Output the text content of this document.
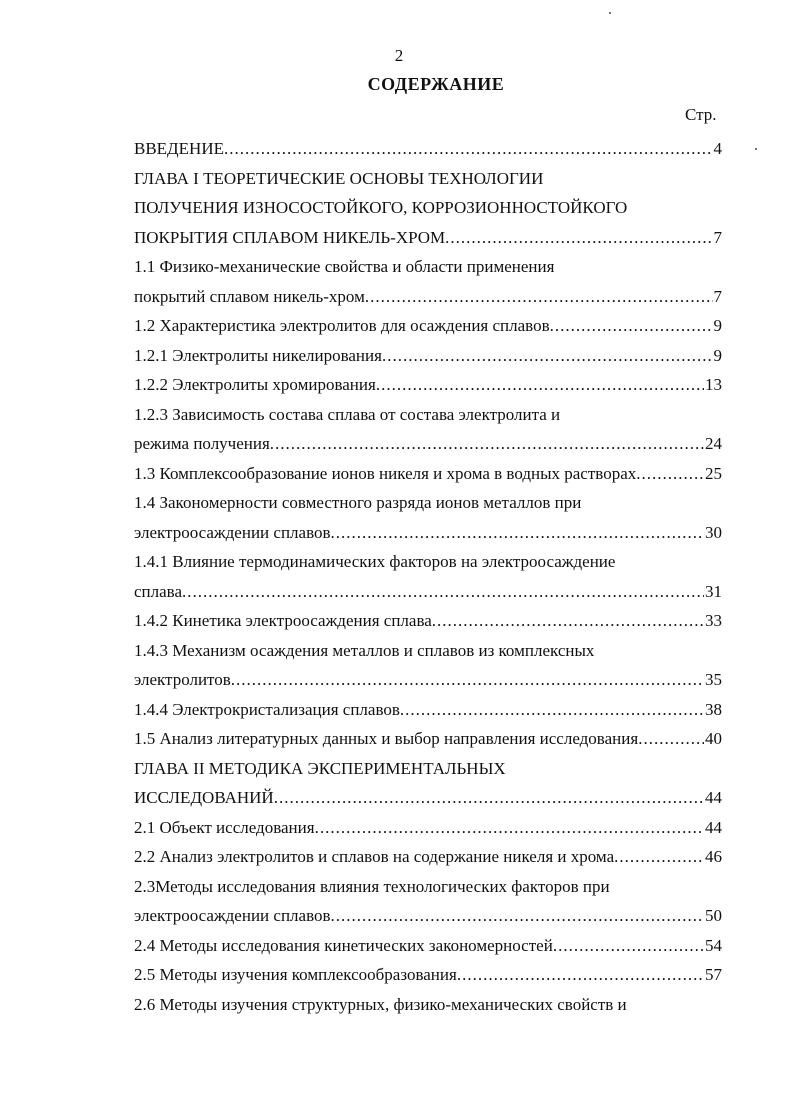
2
СОДЕРЖАНИЕ
Стр.
ВВЕДЕНИЕ .....	4
ГЛАВА I ТЕОРЕТИЧЕСКИЕ ОСНОВЫ ТЕХНОЛОГИИ
ПОЛУЧЕНИЯ ИЗНОСОСТОЙКОГО, КОРРОЗИОННОСТОЙКОГО
ПОКРЫТИЯ СПЛАВОМ НИКЕЛЬ-ХРОМ .....	7
1.1 Физико-механические свойства и области применения
покрытий сплавом никель-хром .....	7
1.2 Характеристика электролитов для осаждения сплавов .....	9
1.2.1 Электролиты никелирования .....	9
1.2.2 Электролиты хромирования .....	13
1.2.3 Зависимость состава сплава от состава электролита и
режима получения .....	24
1.3 Комплексообразование ионов никеля и хрома в водных растворах .....	25
1.4 Закономерности совместного разряда ионов металлов при
электроосаждении сплавов .....	30
1.4.1 Влияние термодинамических факторов на электроосаждение
сплава .....	31
1.4.2 Кинетика электроосаждения сплава .....	33
1.4.3 Механизм осаждения металлов и сплавов из комплексных
электролитов .....	35
1.4.4 Электрокристализация сплавов .....	38
1.5 Анализ литературных данных и выбор направления исследования .....	40
ГЛАВА II МЕТОДИКА ЭКСПЕРИМЕНТАЛЬНЫХ
ИССЛЕДОВАНИЙ .....	44
2.1 Объект исследования .....	44
2.2 Анализ электролитов и сплавов на содержание никеля и хрома .....	46
2.3Методы исследования влияния технологических факторов при
электроосаждении сплавов .....	50
2.4 Методы исследования кинетических закономерностей .....	54
2.5 Методы изучения комплексообразования .....	57
2.6 Методы изучения структурных, физико-механических свойств и
